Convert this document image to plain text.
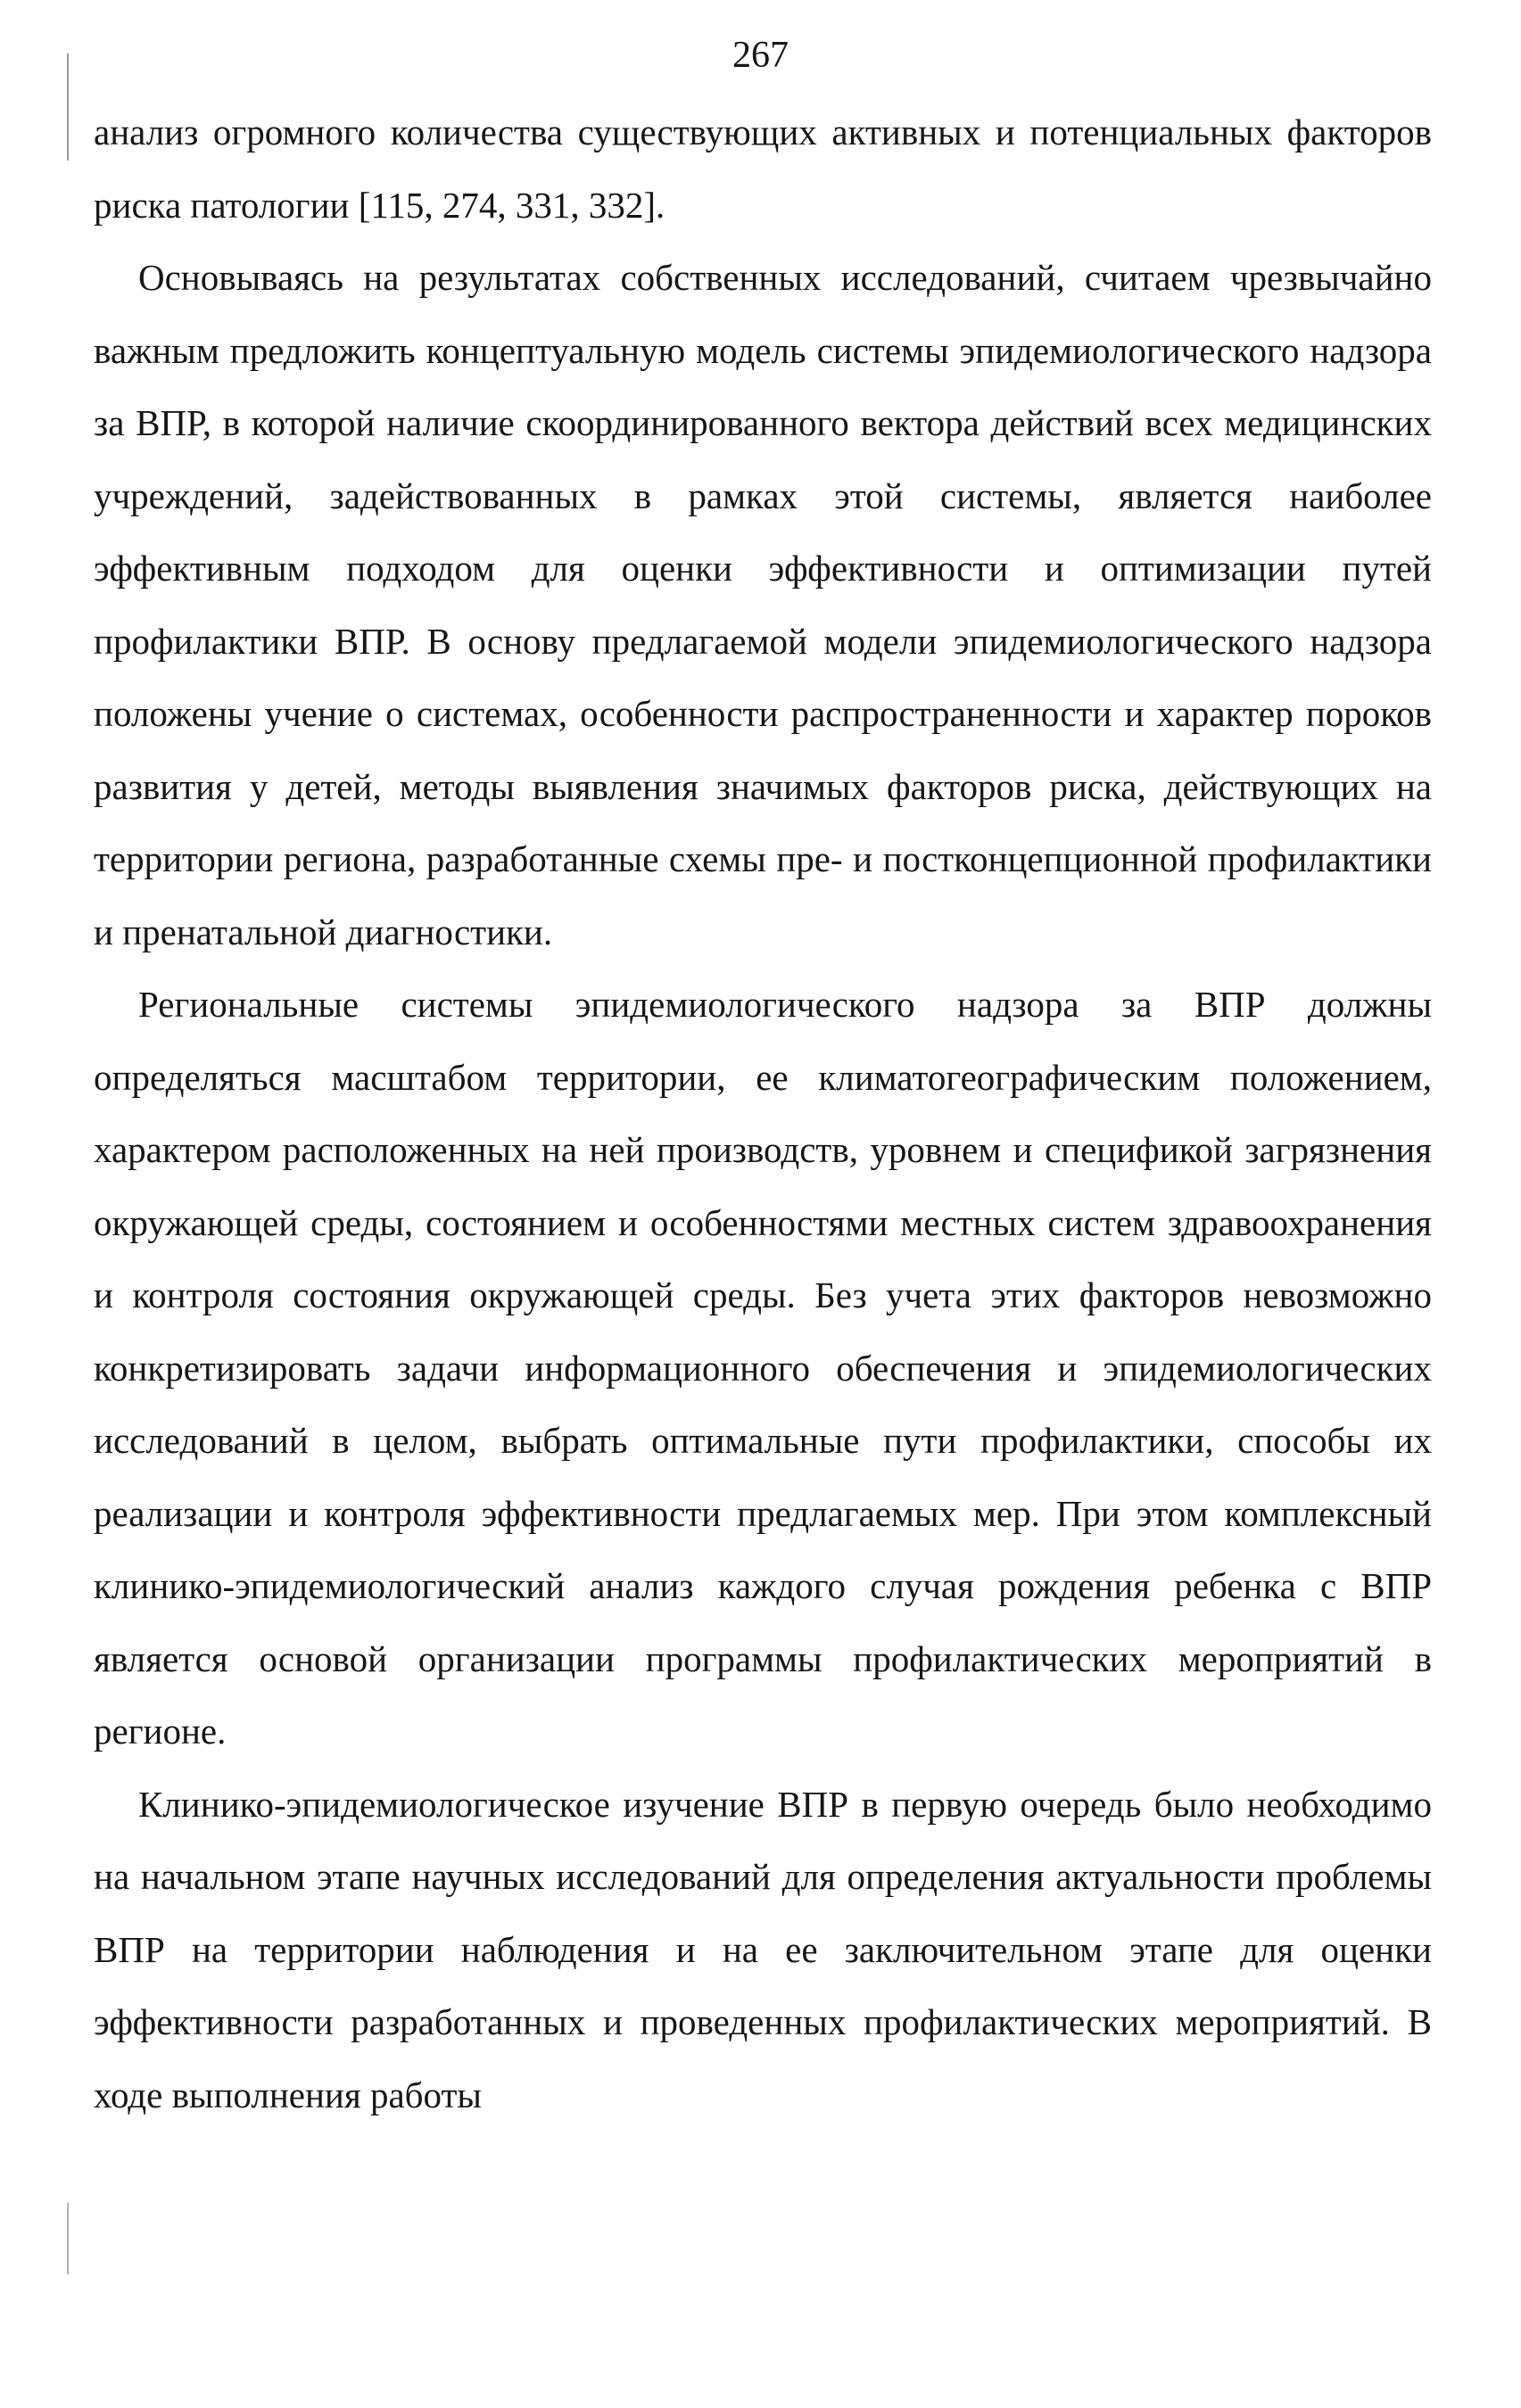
267

анализ огромного количества существующих активных и потенциальных факторов риска патологии [115, 274, 331, 332].

Основываясь на результатах собственных исследований, считаем чрезвычайно важным предложить концептуальную модель системы эпидемиологического надзора за ВПР, в которой наличие скоординированного вектора действий всех медицинских учреждений, задействованных в рамках этой системы, является наиболее эффективным подходом для оценки эффективности и оптимизации путей профилактики ВПР. В основу предлагаемой модели эпидемиологического надзора положены учение о системах, особенности распространенности и характер пороков развития у детей, методы выявления значимых факторов риска, действующих на территории региона, разработанные схемы пре- и постконцепционной профилактики и пренатальной диагностики.

Региональные системы эпидемиологического надзора за ВПР должны определяться масштабом территории, ее климатогеографическим положением, характером расположенных на ней производств, уровнем и спецификой загрязнения окружающей среды, состоянием и особенностями местных систем здравоохранения и контроля состояния окружающей среды. Без учета этих факторов невозможно конкретизировать задачи информационного обеспечения и эпидемиологических исследований в целом, выбрать оптимальные пути профилактики, способы их реализации и контроля эффективности предлагаемых мер. При этом комплексный клинико-эпидемиологический анализ каждого случая рождения ребенка с ВПР является основой организации программы профилактических мероприятий в регионе.

Клинико-эпидемиологическое изучение ВПР в первую очередь было необходимо на начальном этапе научных исследований для определения актуальности проблемы ВПР на территории наблюдения и на ее заключительном этапе для оценки эффективности разработанных и проведенных профилактических мероприятий. В ходе выполнения работы
